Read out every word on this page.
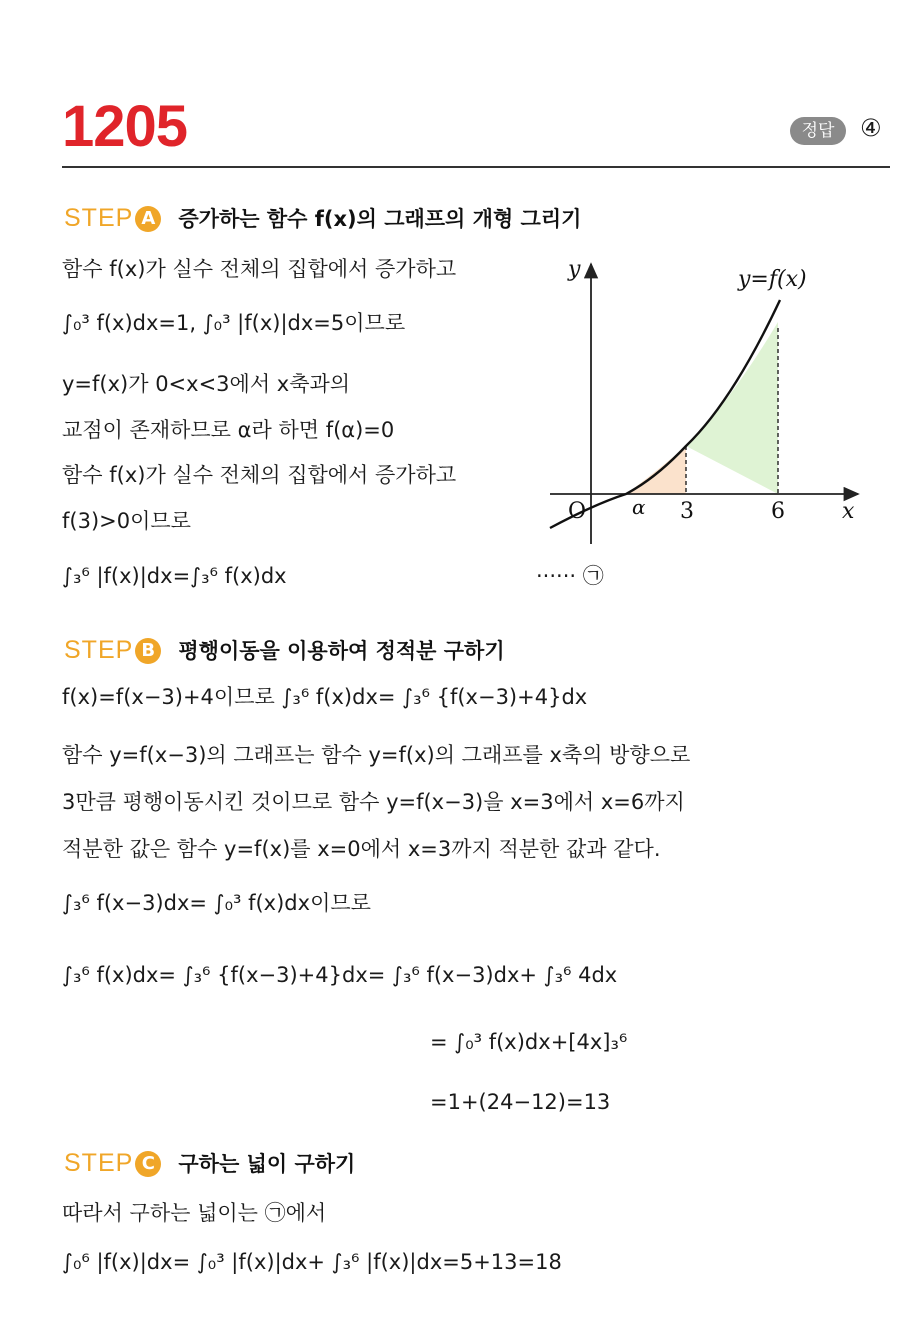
1205	정답	④
STEP A 증가하는 함수 f(x)의 그래프의 개형 그리기
함수 f(x)가 실수 전체의 집합에서 증가하고
∫₀³ f(x)dx=1, ∫₀³ |f(x)|dx=5이므로
y=f(x)가 0<x<3에서 x축과의
교점이 존재하므로 α라 하면 f(α)=0
함수 f(x)가 실수 전체의 집합에서 증가하고
f(3)>0이므로
∫₃⁶ |f(x)|dx=∫₃⁶ f(x)dx	······ ㉠
y=f(x)
y
x
O α 3	6
STEP B 평행이동을 이용하여 정적분 구하기
f(x)=f(x−3)+4이므로 ∫₃⁶ f(x)dx= ∫₃⁶ {f(x−3)+4}dx
함수 y=f(x−3)의 그래프는 함수 y=f(x)의 그래프를 x축의 방향으로
3만큼 평행이동시킨 것이므로 함수 y=f(x−3)을 x=3에서 x=6까지
적분한 값은 함수 y=f(x)를 x=0에서 x=3까지 적분한 값과 같다.
∫₃⁶ f(x−3)dx= ∫₀³ f(x)dx이므로
∫₃⁶ f(x)dx= ∫₃⁶ {f(x−3)+4}dx= ∫₃⁶ f(x−3)dx+ ∫₃⁶ 4dx
= ∫₀³ f(x)dx+[4x]₃⁶
=1+(24−12)=13
STEP C 구하는 넓이 구하기
따라서 구하는 넓이는 ㉠에서
∫₀⁶ |f(x)|dx= ∫₀³ |f(x)|dx+ ∫₃⁶ |f(x)|dx=5+13=18
